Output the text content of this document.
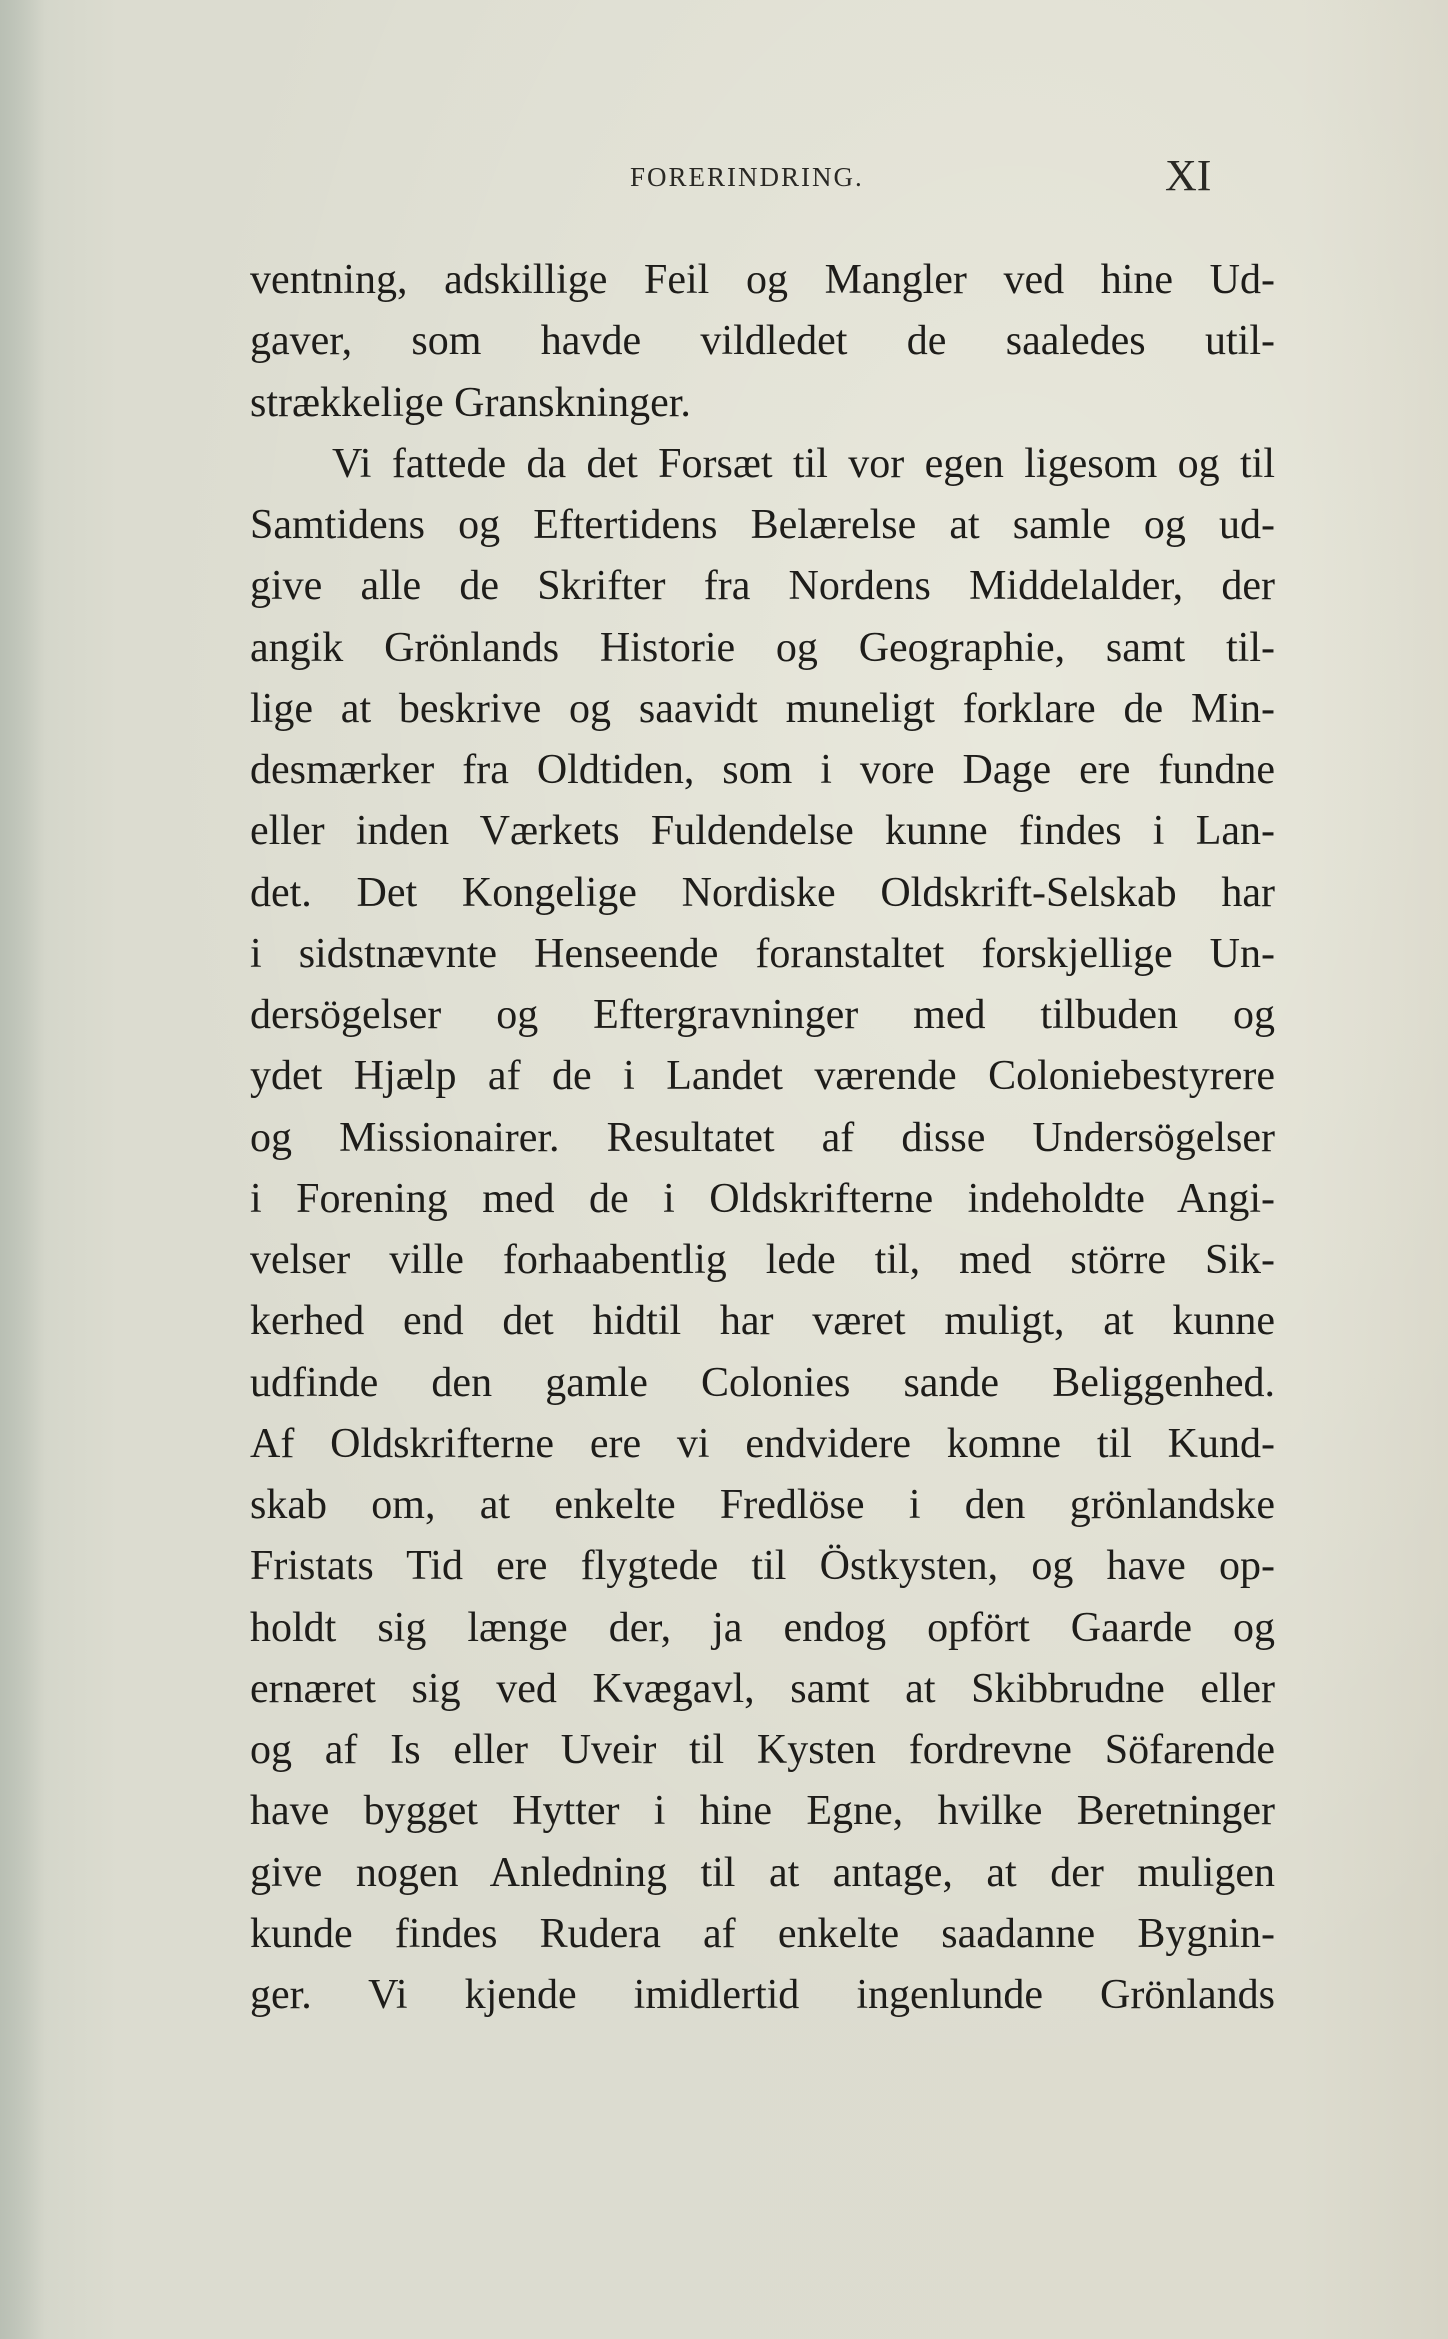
FORERINDRING.	XI
ventning, adskillige Feil og Mangler ved hine Ud-
gaver, som havde vildledet de saaledes util-
strækkelige Granskninger.
Vi fattede da det Forsæt til vor egen ligesom og til
Samtidens og Eftertidens Belærelse at samle og ud-
give alle de Skrifter fra Nordens Middelalder, der
angik Grönlands Historie og Geographie, samt til-
lige at beskrive og saavidt muneligt forklare de Min-
desmærker fra Oldtiden, som i vore Dage ere fundne
eller inden Værkets Fuldendelse kunne findes i Lan-
det. Det Kongelige Nordiske Oldskrift-Selskab har
i sidstnævnte Henseende foranstaltet forskjellige Un-
dersögelser og Eftergravninger med tilbuden og
ydet Hjælp af de i Landet værende Coloniebestyrere
og Missionairer. Resultatet af disse Undersögelser
i Forening med de i Oldskrifterne indeholdte Angi-
velser ville forhaabentlig lede til, med större Sik-
kerhed end det hidtil har været muligt, at kunne
udfinde den gamle Colonies sande Beliggenhed.
Af Oldskrifterne ere vi endvidere komne til Kund-
skab om, at enkelte Fredlöse i den grönlandske
Fristats Tid ere flygtede til Östkysten, og have op-
holdt sig længe der, ja endog opfört Gaarde og
ernæret sig ved Kvægavl, samt at Skibbrudne eller
og af Is eller Uveir til Kysten fordrevne Söfarende
have bygget Hytter i hine Egne, hvilke Beretninger
give nogen Anledning til at antage, at der muligen
kunde findes Rudera af enkelte saadanne Bygnin-
ger. Vi kjende imidlertid ingenlunde Grönlands
